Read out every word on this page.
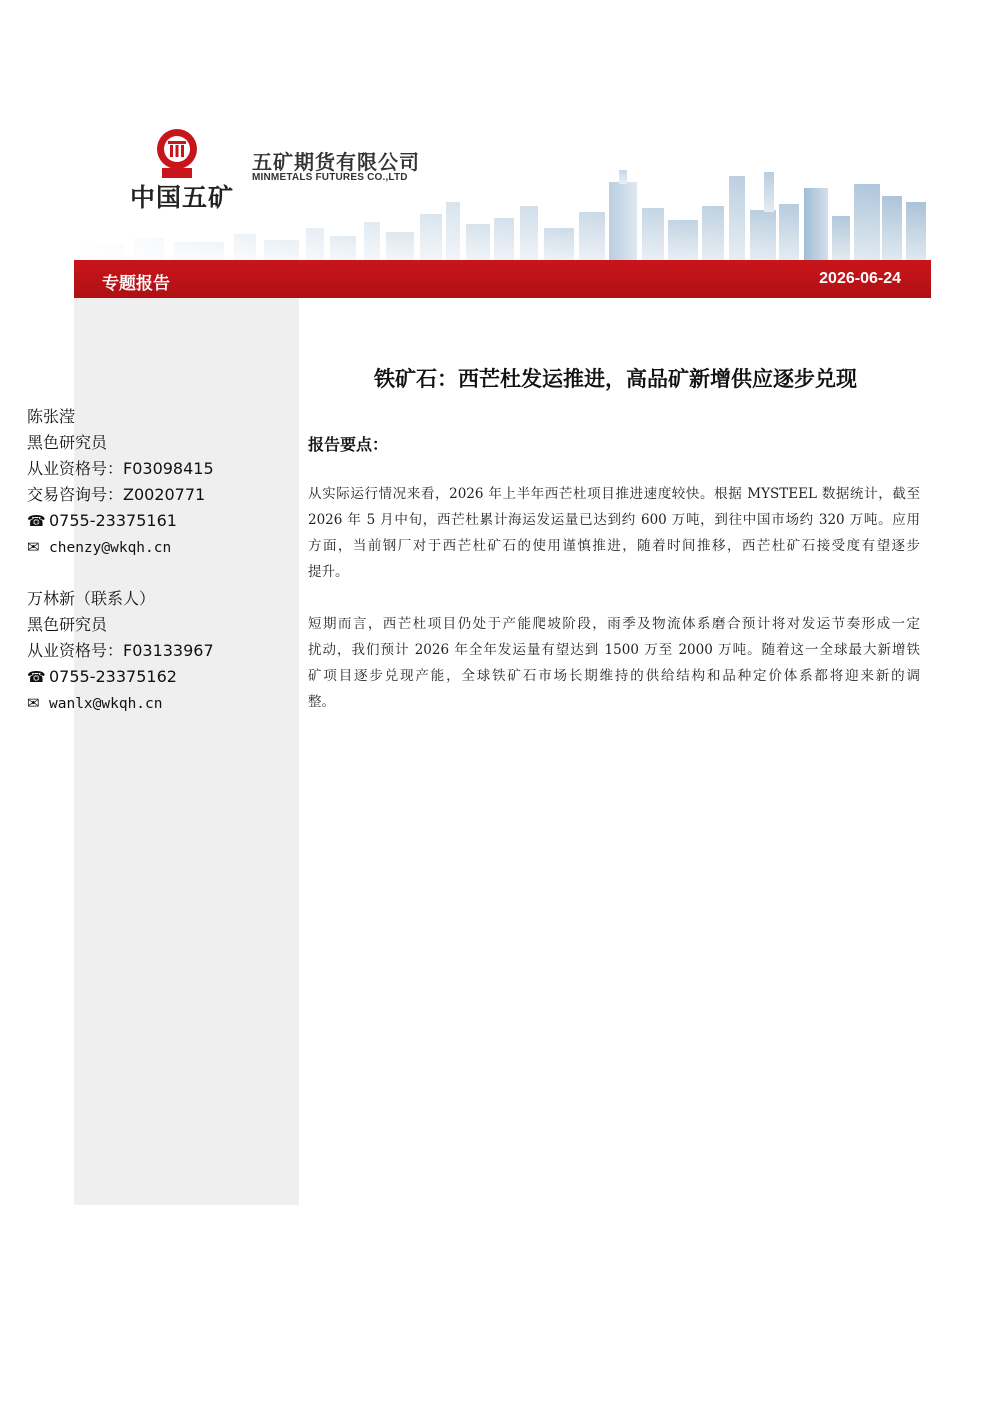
中国五矿
五矿期货有限公司
MINMETALS FUTURES CO.,LTD
专题报告	2026-06-24
陈张滢
黑色研究员
从业资格号：F03098415
交易咨询号：Z0020771
☎ 0755-23375161
✉ chenzy@wkqh.cn
万林新（联系人）
黑色研究员
从业资格号：F03133967
☎ 0755-23375162
✉ wanlx@wkqh.cn
铁矿石：西芒杜发运推进，高品矿新增供应逐步兑现
报告要点：

从实际运行情况来看，2026 年上半年西芒杜项目推进速度较快。根据 MYSTEEL 数据统计，截至
2026 年 5 月中旬，西芒杜累计海运发运量已达到约 600 万吨，到往中国市场约 320 万吨。应用
方面，当前钢厂对于西芒杜矿石的使用谨慎推进，随着时间推移，西芒杜矿石接受度有望逐步
提升。

短期而言，西芒杜项目仍处于产能爬坡阶段，雨季及物流体系磨合预计将对发运节奏形成一定
扰动，我们预计 2026 年全年发运量有望达到 1500 万至 2000 万吨。随着这一全球最大新增铁
矿项目逐步兑现产能，全球铁矿石市场长期维持的供给结构和品种定价体系都将迎来新的调
整。
